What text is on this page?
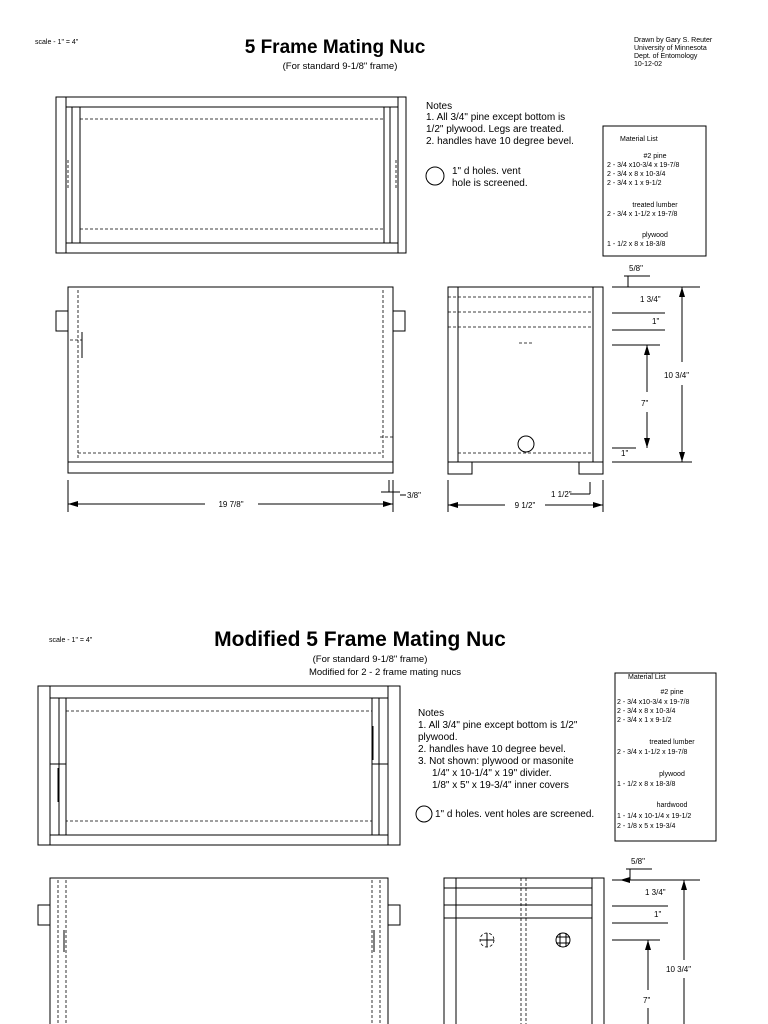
scale - 1" = 4"	5 Frame Mating Nuc
(For standard 9-1/8" frame)
Drawn by Gary S. Reuter
University of Minnesota
Dept. of Entomology
10-12-02
Notes
1. All 3/4" pine except bottom is
1/2" plywood. Legs are treated.
2. handles have 10 degree bevel.
1" d holes. vent
hole is screened.
Material List
#2 pine
2 - 3/4 x10-3/4 x 19-7/8
2 - 3/4 x 8 x 10-3/4
2 - 3/4 x 1 x 9-1/2
treated lumber
2 - 3/4 x 1-1/2 x 19-7/8
plywood
1 - 1/2 x 8 x 18-3/8
19 7/8"
3/8"
9 1/2"
1 1/2"
5/8"
1 3/4"
1"
7"
1"
10 3/4"
scale - 1" = 4"	Modified 5 Frame Mating Nuc
(For standard 9-1/8" frame)
Modified for 2 - 2 frame mating nucs
Notes
1. All 3/4" pine except bottom is 1/2"
plywood.
2. handles have 10 degree bevel.
3. Not shown: plywood or masonite
1/4" x 10-1/4" x 19" divider.
1/8" x 5" x 19-3/4" inner covers
1" d holes. vent holes are screened.
Material List
#2 pine
2 - 3/4 x10-3/4 x 19-7/8
2 - 3/4 x 8 x 10-3/4
2 - 3/4 x 1 x 9-1/2
treated lumber
2 - 3/4 x 1-1/2 x 19-7/8
plywood
1 - 1/2 x 8 x 18-3/8
hardwood
1 - 1/4 x 10-1/4 x 19-1/2
2 - 1/8 x 5 x 19-3/4
5/8"
1 3/4"
1"
7"
10 3/4"
